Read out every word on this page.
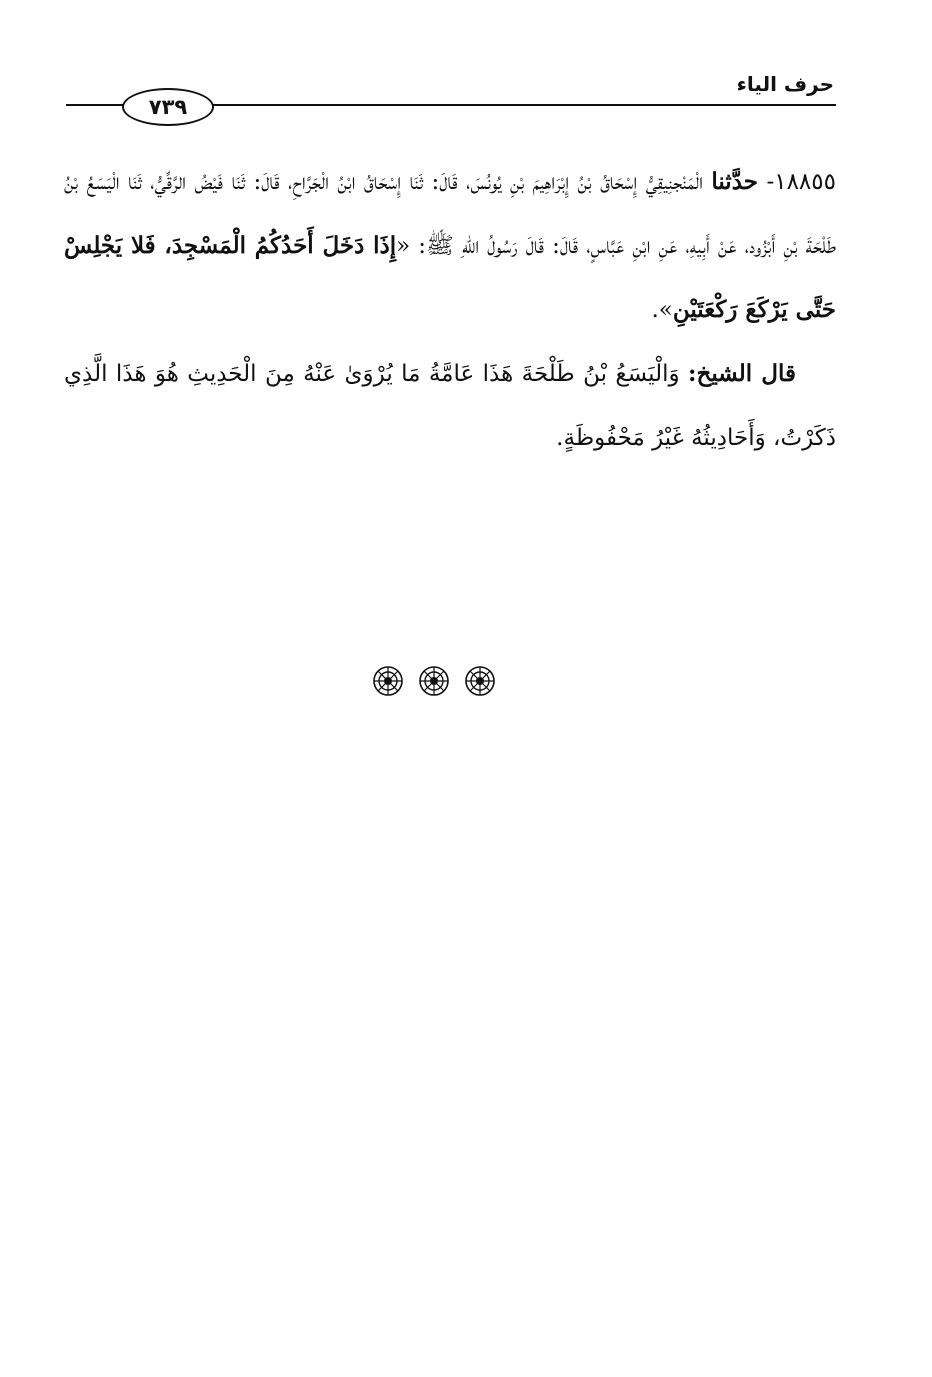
حرف الياء
٧٣٩

١٨٨٥٥- حدَّثنا الْمَنْجنِيقِيُّ إِسْحَاقُ بْنُ إِبْرَاهِيمَ بْنِ يُونُسَ، قَالَ: ثَنَا إِسْحَاقُ ابْنُ الْجَرَّاحِ، قَالَ: ثَنَا فَيْضُ الرَّقِّيُّ، ثَنَا الْيَسَعُ بْنُ طَلْحَةَ بْنِ أَبْزُود، عَنْ أَبِيهِ، عَنِ ابْنِ عَبَّاسٍ، قَالَ: قَالَ رَسُولُ اللهِ ﷺ: «إِذَا دَخَلَ أَحَدُكُمُ الْمَسْجِدَ، فَلا يَجْلِسْ حَتَّى يَرْكَعَ رَكْعَتَيْنِ».

قال الشيخ: وَالْيَسَعُ بْنُ طَلْحَةَ هَذَا عَامَّةُ مَا يُرْوَىٰ عَنْهُ مِنَ الْحَدِيثِ هُوَ هَذَا الَّذِي ذَكَرْتُ، وَأَحَادِيثُهُ غَيْرُ مَحْفُوظَةٍ.
